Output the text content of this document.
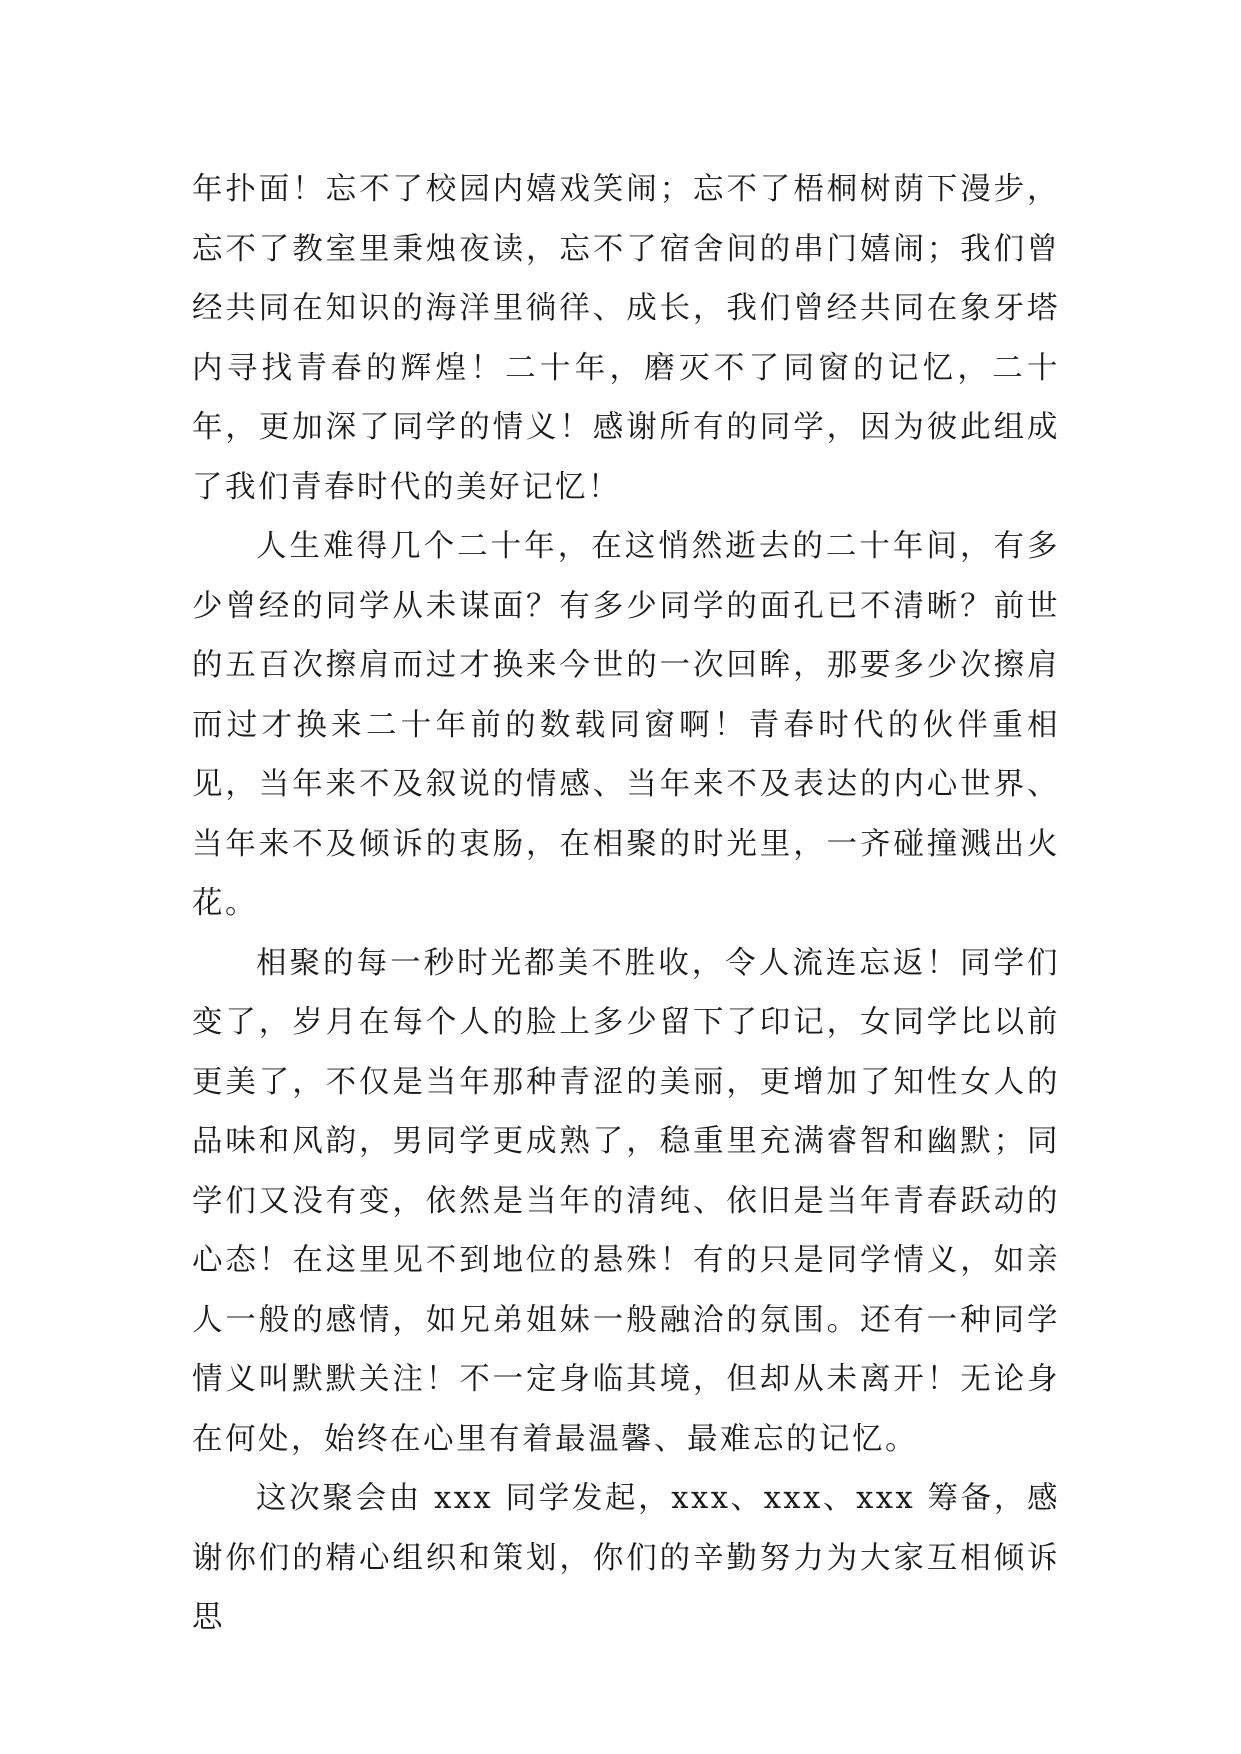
年扑面！忘不了校园内嬉戏笑闹；忘不了梧桐树荫下漫步，忘不了教室里秉烛夜读，忘不了宿舍间的串门嬉闹；我们曾经共同在知识的海洋里徜徉、成长，我们曾经共同在象牙塔内寻找青春的辉煌！二十年，磨灭不了同窗的记忆，二十年，更加深了同学的情义！感谢所有的同学，因为彼此组成了我们青春时代的美好记忆！

人生难得几个二十年，在这悄然逝去的二十年间，有多少曾经的同学从未谋面？有多少同学的面孔已不清晰？前世的五百次擦肩而过才换来今世的一次回眸，那要多少次擦肩而过才换来二十年前的数载同窗啊！青春时代的伙伴重相见，当年来不及叙说的情感、当年来不及表达的内心世界、当年来不及倾诉的衷肠，在相聚的时光里，一齐碰撞溅出火花。

相聚的每一秒时光都美不胜收，令人流连忘返！同学们变了，岁月在每个人的脸上多少留下了印记，女同学比以前更美了，不仅是当年那种青涩的美丽，更增加了知性女人的品味和风韵，男同学更成熟了，稳重里充满睿智和幽默；同学们又没有变，依然是当年的清纯、依旧是当年青春跃动的心态！在这里见不到地位的悬殊！有的只是同学情义，如亲人一般的感情，如兄弟姐妹一般融洽的氛围。还有一种同学情义叫默默关注！不一定身临其境，但却从未离开！无论身在何处，始终在心里有着最温馨、最难忘的记忆。

这次聚会由 xxx 同学发起，xxx、xxx、xxx 筹备，感谢你们的精心组织和策划，你们的辛勤努力为大家互相倾诉思
